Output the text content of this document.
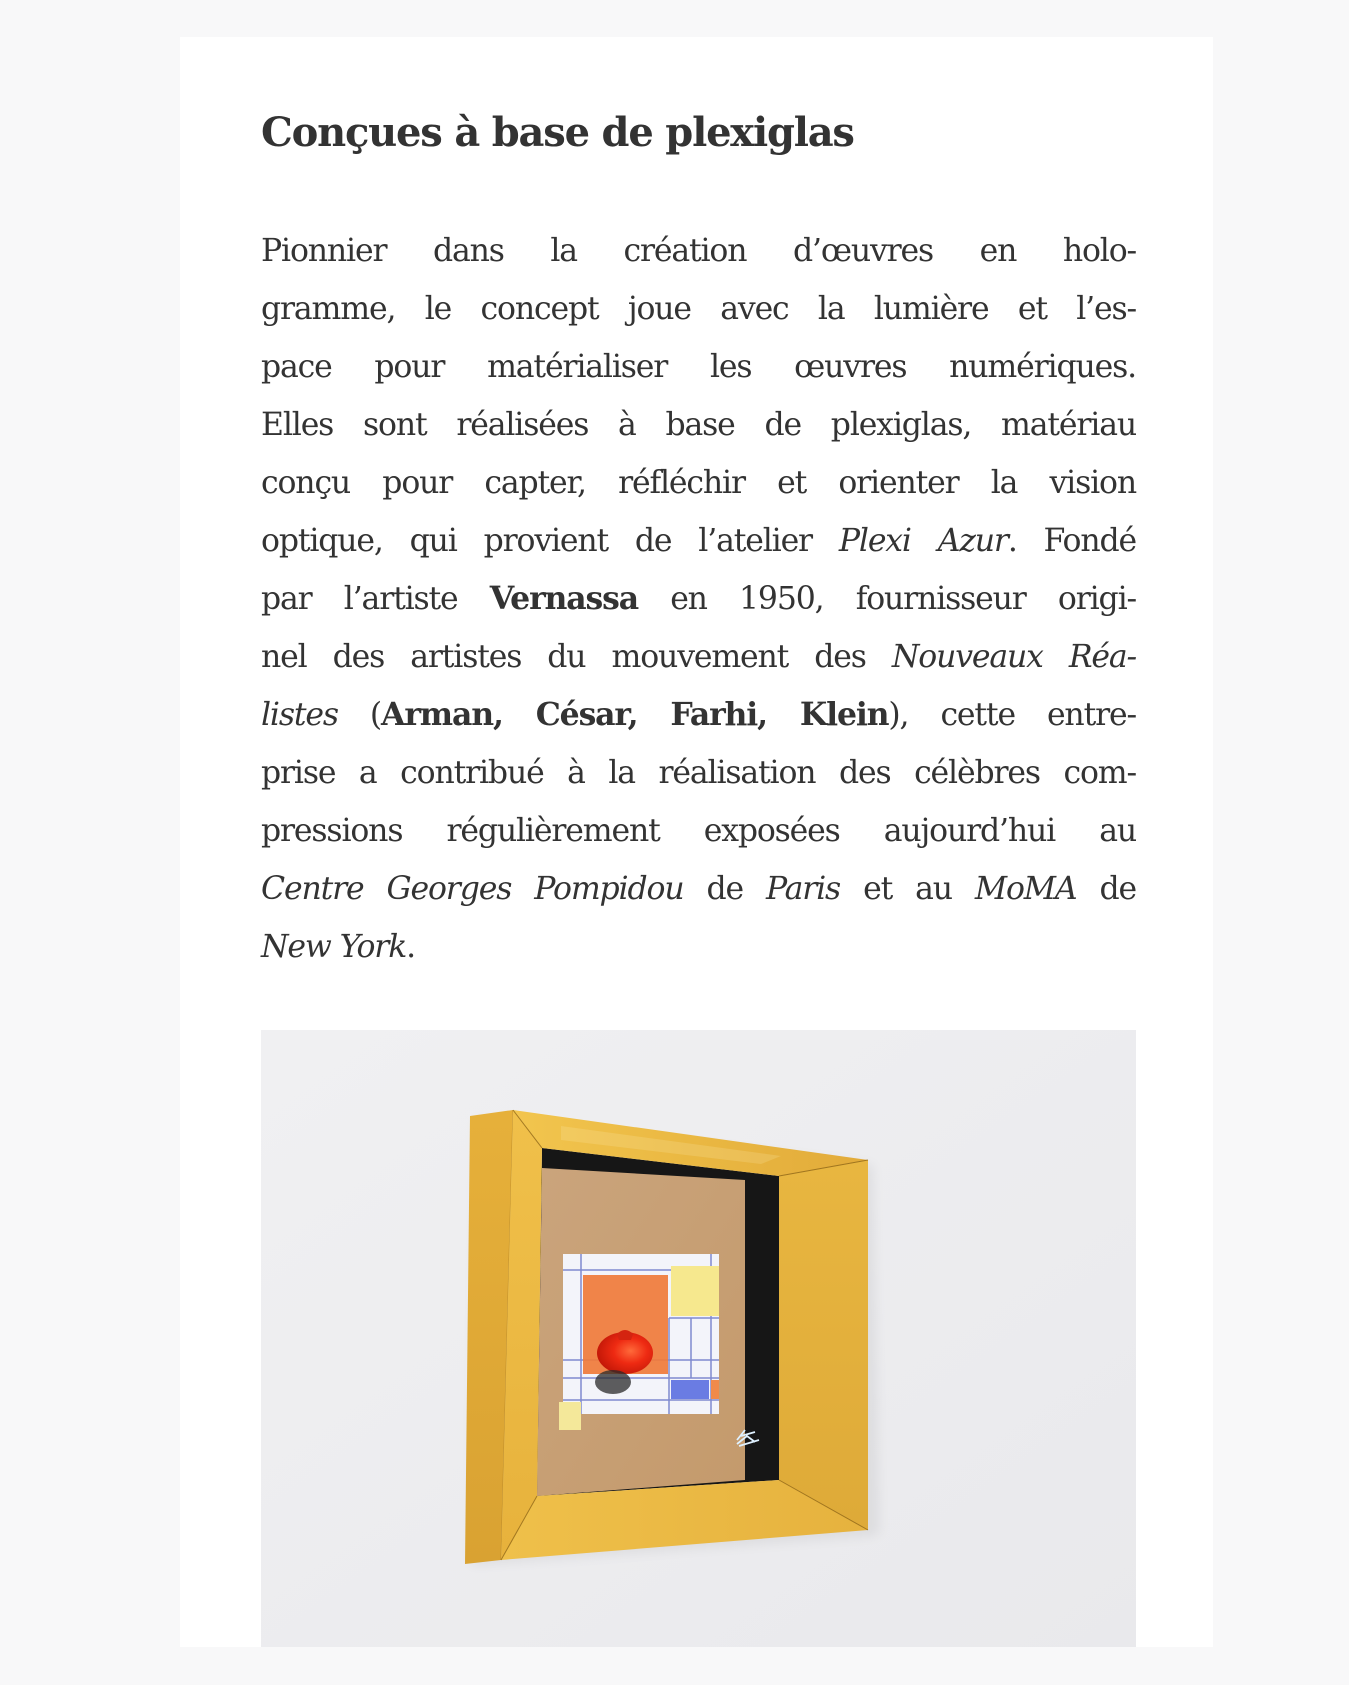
Conçues à base de plexiglas

Pionnier dans la création d’œuvres en holo-
gramme, le concept joue avec la lumière et l’es-
pace pour matérialiser les œuvres numériques.
Elles sont réalisées à base de plexiglas, matériau
conçu pour capter, réfléchir et orienter la vision
optique, qui provient de l’atelier Plexi Azur. Fondé
par l’artiste Vernassa en 1950, fournisseur origi-
nel des artistes du mouvement des Nouveaux Réa-
listes (Arman, César, Farhi, Klein), cette entre-
prise a contribué à la réalisation des célèbres com-
pressions régulièrement exposées aujourd’hui au
Centre Georges Pompidou de Paris et au MoMA de
New York.
